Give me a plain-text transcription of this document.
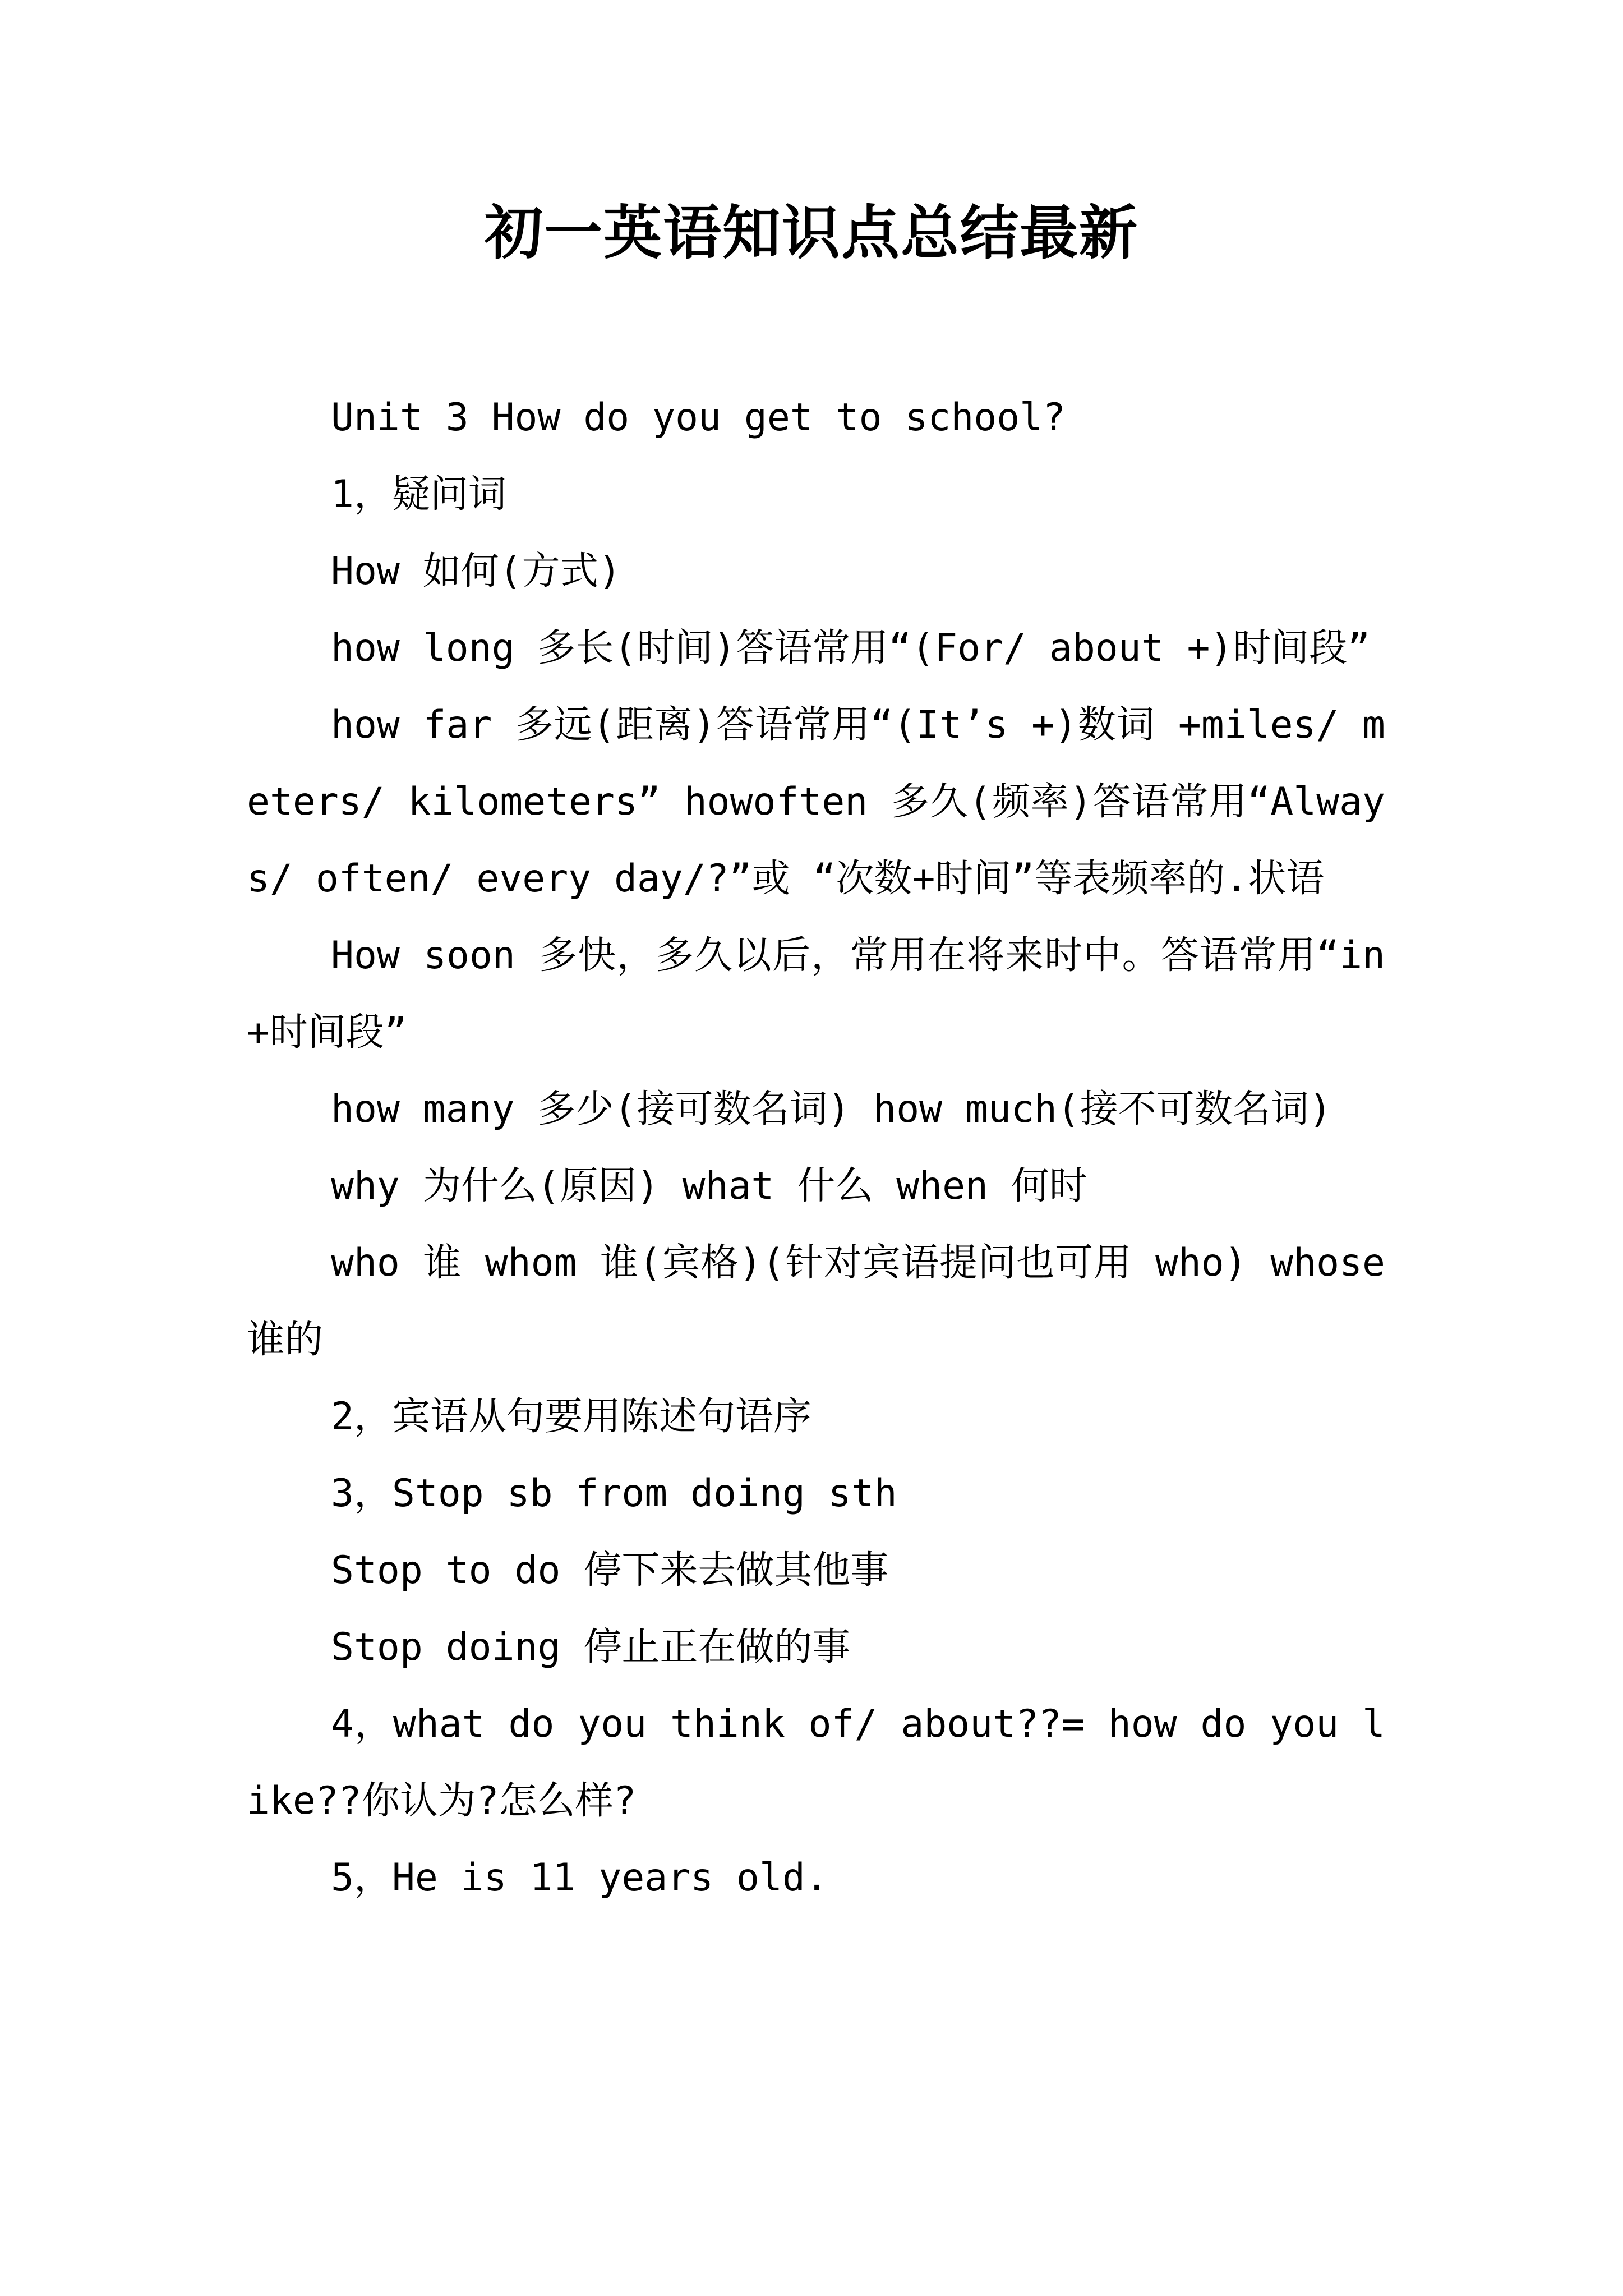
初一英语知识点总结最新

Unit 3 How do you get to school?

1，疑问词

How 如何(方式)

how long 多长(时间)答语常用“(For/ about +)时间段”

how far 多远(距离)答语常用“(It’s +)数词 +miles/ meters/ kilometers” howoften 多久(频率)答语常用“Always/ often/ every day/?”或 “次数+时间”等表频率的.状语

How soon 多快，多久以后，常用在将来时中。答语常用“in +时间段”

how many 多少(接可数名词) how much(接不可数名词)

why 为什么(原因) what 什么 when 何时

who 谁 whom 谁(宾格)(针对宾语提问也可用 who) whose 谁的

2，宾语从句要用陈述句语序

3，Stop sb from doing sth

Stop to do 停下来去做其他事

Stop doing 停止正在做的事

4，what do you think of/ about??= how do you like??你认为?怎么样?

5，He is 11 years old.
